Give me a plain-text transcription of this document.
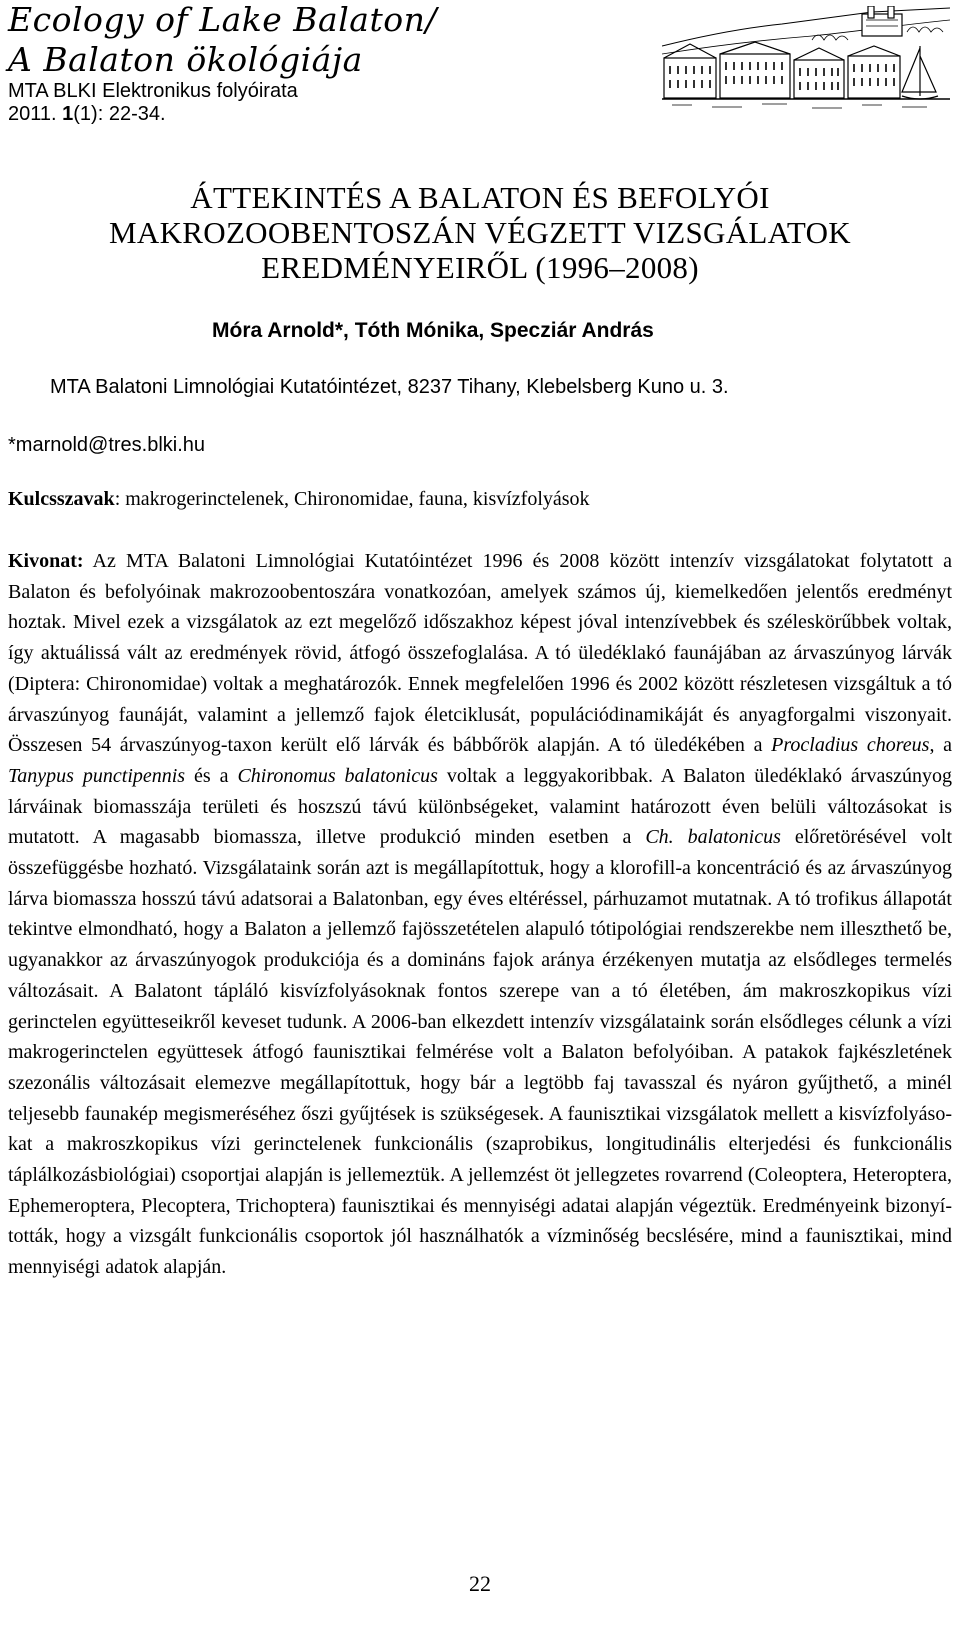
Ecology of Lake Balaton/
A Balaton ökológiája
MTA BLKI Elektronikus folyóirata
2011. 1(1): 22-34.
ÁTTEKINTÉS A BALATON ÉS BEFOLYÓI
MAKROZOOBENTOSZÁN VÉGZETT VIZSGÁLATOK
EREDMÉNYEIRŐL (1996–2008)
Móra Arnold*, Tóth Mónika, Specziár András
MTA Balatoni Limnológiai Kutatóintézet, 8237 Tihany, Klebelsberg Kuno u. 3.
*marnold@tres.blki.hu
Kulcsszavak: makrogerinctelenek, Chironomidae, fauna, kisvízfolyások
Kivonat: Az MTA Balatoni Limnológiai Kutatóintézet 1996 és 2008 között intenzív vizsgálatokat folytatott a Balaton és befolyóinak makrozoobentoszára vonatkozóan, amelyek számos új, kiemelkedően jelentős eredményt hoztak. Mivel ezek a vizsgálatok az ezt megelőző időszakhoz képest jóval intenzívebbek és széleskörűbbek voltak, így aktuálissá vált az eredmények rövid, átfogó összefoglalása. A tó üledéklakó faunájában az árvaszúnyog lárvák (Diptera: Chironomidae) voltak a meghatározók. Ennek megfelelően 1996 és 2002 között részletesen vizsgáltuk a tó árvaszúnyog faunáját, valamint a jellemző fajok életciklusát, populációdinamikáját és anyagforgalmi viszonyait. Összesen 54 árvaszúnyog-taxon került elő lárvák és bábbőrök alapján. A tó üledékében a Procladius choreus, a Tanypus punctipennis és a Chironomus balatonicus voltak a leggyakoribbak. A Balaton üledéklakó árvaszúnyog lárváinak biomasszája területi és hoszszú távú különbségeket, valamint határozott éven belüli változásokat is mutatott. A magasabb biomassza, illetve produkció minden esetben a Ch. balatonicus előretörésével volt összefüggésbe hozható. Vizsgálataink során azt is megállapítottuk, hogy a klorofill-a koncentráció és az árvaszúnyog lárva biomassza hosszú távú adatsorai a Balatonban, egy éves eltéréssel, párhuzamot mutatnak. A tó trofikus állapotát tekintve elmondható, hogy a Balaton a jellemző fajösszetételen alapuló tótipológiai rendszerekbe nem illeszthető be, ugyanakkor az árvaszúnyogok produkciója és a domináns fajok aránya érzékenyen mutatja az elsődleges termelés változásait. A Balatont tápláló kisvízfolyásoknak fontos szerepe van a tó életében, ám makroszkopikus vízi gerinctelen együtteseikről keveset tudunk. A 2006-ban elkezdett intenzív vizsgálataink során elsődleges célunk a vízi makrogerinctelen együttesek átfogó faunisztikai felmérése volt a Balaton befolyóiban. A patakok fajkészletének szezonális változásait elemezve megállapítottuk, hogy bár a legtöbb faj tavasszal és nyáron gyűjthető, a minél teljesebb faunakép megismeréséhez őszi gyűjtések is szükségesek. A faunisztikai vizsgálatok mellett a kisvízfolyásokat a makroszkopikus vízi gerinctelenek funkcionális (szaprobikus, longitudinális elterjedési és funkcionális táplálkozásbiológiai) csoportjai alapján is jellemeztük. A jellemzést öt jellegzetes rovarrend (Coleoptera, Heteroptera, Ephemeroptera, Plecoptera, Trichoptera) faunisztikai és mennyiségi adatai alapján végeztük. Eredményeink bizonyították, hogy a vizsgált funkcionális csoportok jól használhatók a vízminőség becslésére, mind a faunisztikai, mind mennyiségi adatok alapján.
22
